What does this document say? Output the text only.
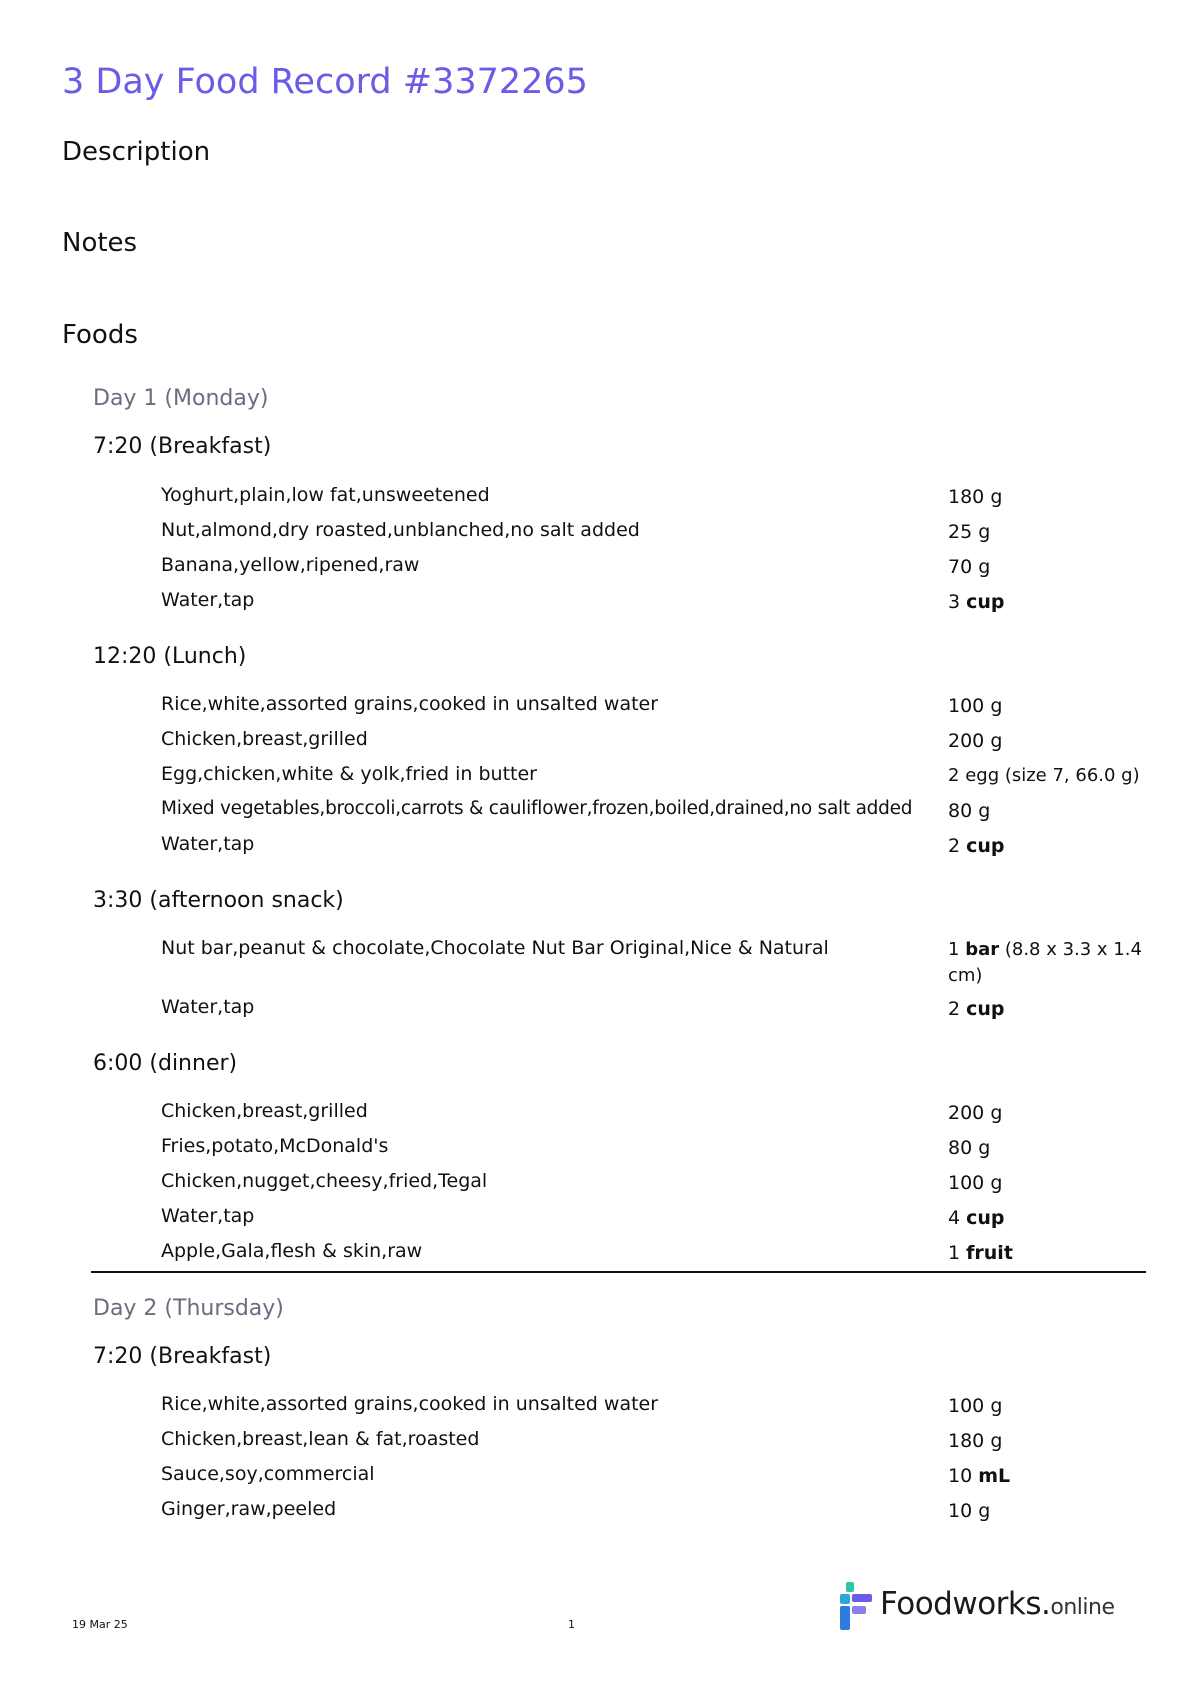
3 Day Food Record #3372265
Description
Notes
Foods
Day 1 (Monday)
7:20 (Breakfast)
Yoghurt,plain,low fat,unsweetened	180 g
Nut,almond,dry roasted,unblanched,no salt added	25 g
Banana,yellow,ripened,raw	70 g
Water,tap	3 cup
12:20 (Lunch)
Rice,white,assorted grains,cooked in unsalted water	100 g
Chicken,breast,grilled	200 g
Egg,chicken,white & yolk,fried in butter	2 egg (size 7, 66.0 g)
Mixed vegetables,broccoli,carrots & cauliflower,frozen,boiled,drained,no salt added	80 g
Water,tap	2 cup
3:30 (afternoon snack)
Nut bar,peanut & chocolate,Chocolate Nut Bar Original,Nice & Natural	1 bar (8.8 x 3.3 x 1.4 cm)
Water,tap	2 cup
6:00 (dinner)
Chicken,breast,grilled	200 g
Fries,potato,McDonald's	80 g
Chicken,nugget,cheesy,fried,Tegal	100 g
Water,tap	4 cup
Apple,Gala,flesh & skin,raw	1 fruit
Day 2 (Thursday)
7:20 (Breakfast)
Rice,white,assorted grains,cooked in unsalted water	100 g
Chicken,breast,lean & fat,roasted	180 g
Sauce,soy,commercial	10 mL
Ginger,raw,peeled	10 g
19 Mar 25	1
Foodworks.online
